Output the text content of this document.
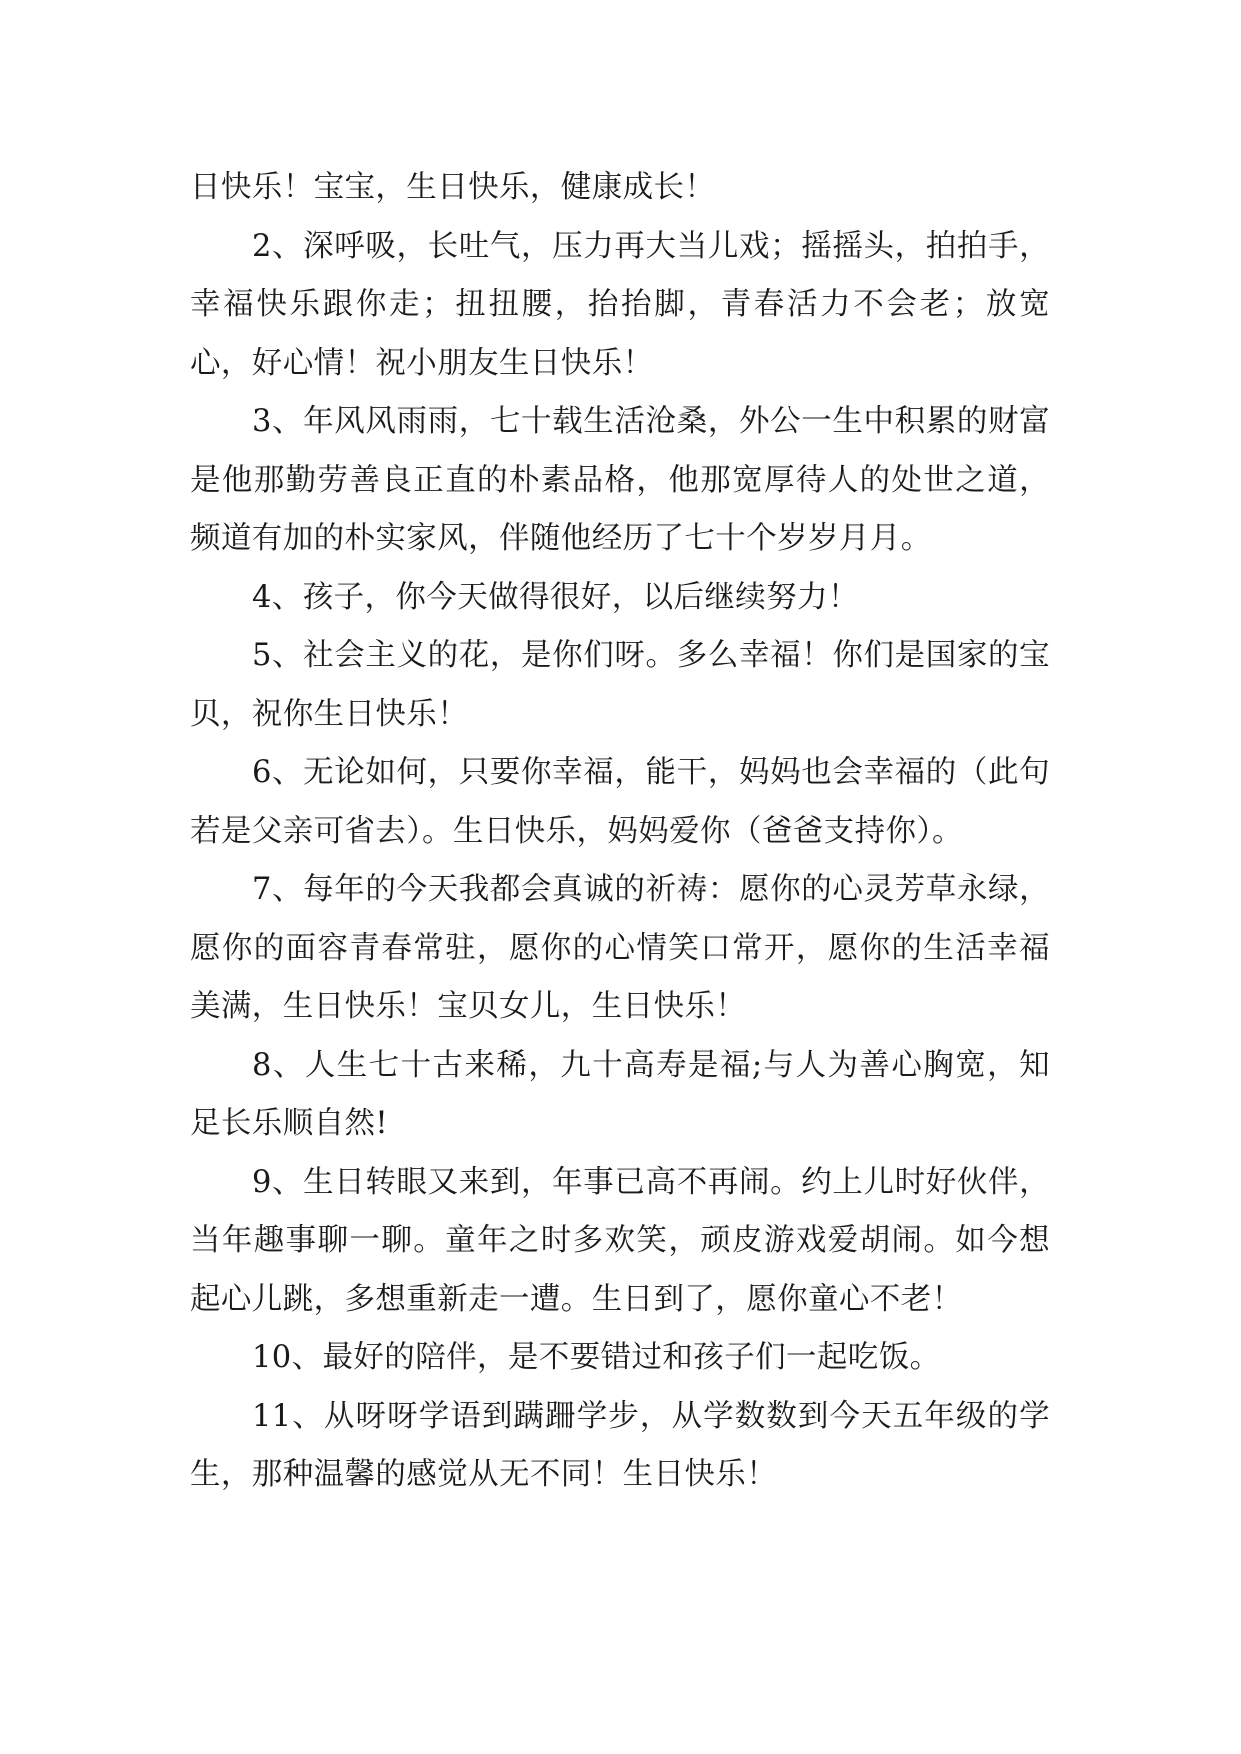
日快乐！宝宝，生日快乐，健康成长！

2、深呼吸，长吐气，压力再大当儿戏；摇摇头，拍拍手，幸福快乐跟你走；扭扭腰，抬抬脚，青春活力不会老；放宽心，好心情！祝小朋友生日快乐！

3、年风风雨雨，七十载生活沧桑，外公一生中积累的财富是他那勤劳善良正直的朴素品格，他那宽厚待人的处世之道，频道有加的朴实家风，伴随他经历了七十个岁岁月月。

4、孩子，你今天做得很好，以后继续努力！

5、社会主义的花，是你们呀。多么幸福！你们是国家的宝贝，祝你生日快乐！

6、无论如何，只要你幸福，能干，妈妈也会幸福的（此句若是父亲可省去）。生日快乐，妈妈爱你（爸爸支持你）。

7、每年的今天我都会真诚的祈祷：愿你的心灵芳草永绿，愿你的面容青春常驻，愿你的心情笑口常开，愿你的生活幸福美满，生日快乐！宝贝女儿，生日快乐！

8、人生七十古来稀，九十高寿是福;与人为善心胸宽，知足长乐顺自然!

9、生日转眼又来到，年事已高不再闹。约上儿时好伙伴，当年趣事聊一聊。童年之时多欢笑，顽皮游戏爱胡闹。如今想起心儿跳，多想重新走一遭。生日到了，愿你童心不老！

10、最好的陪伴，是不要错过和孩子们一起吃饭。

11、从呀呀学语到蹒跚学步，从学数数到今天五年级的学生，那种温馨的感觉从无不同！生日快乐！
